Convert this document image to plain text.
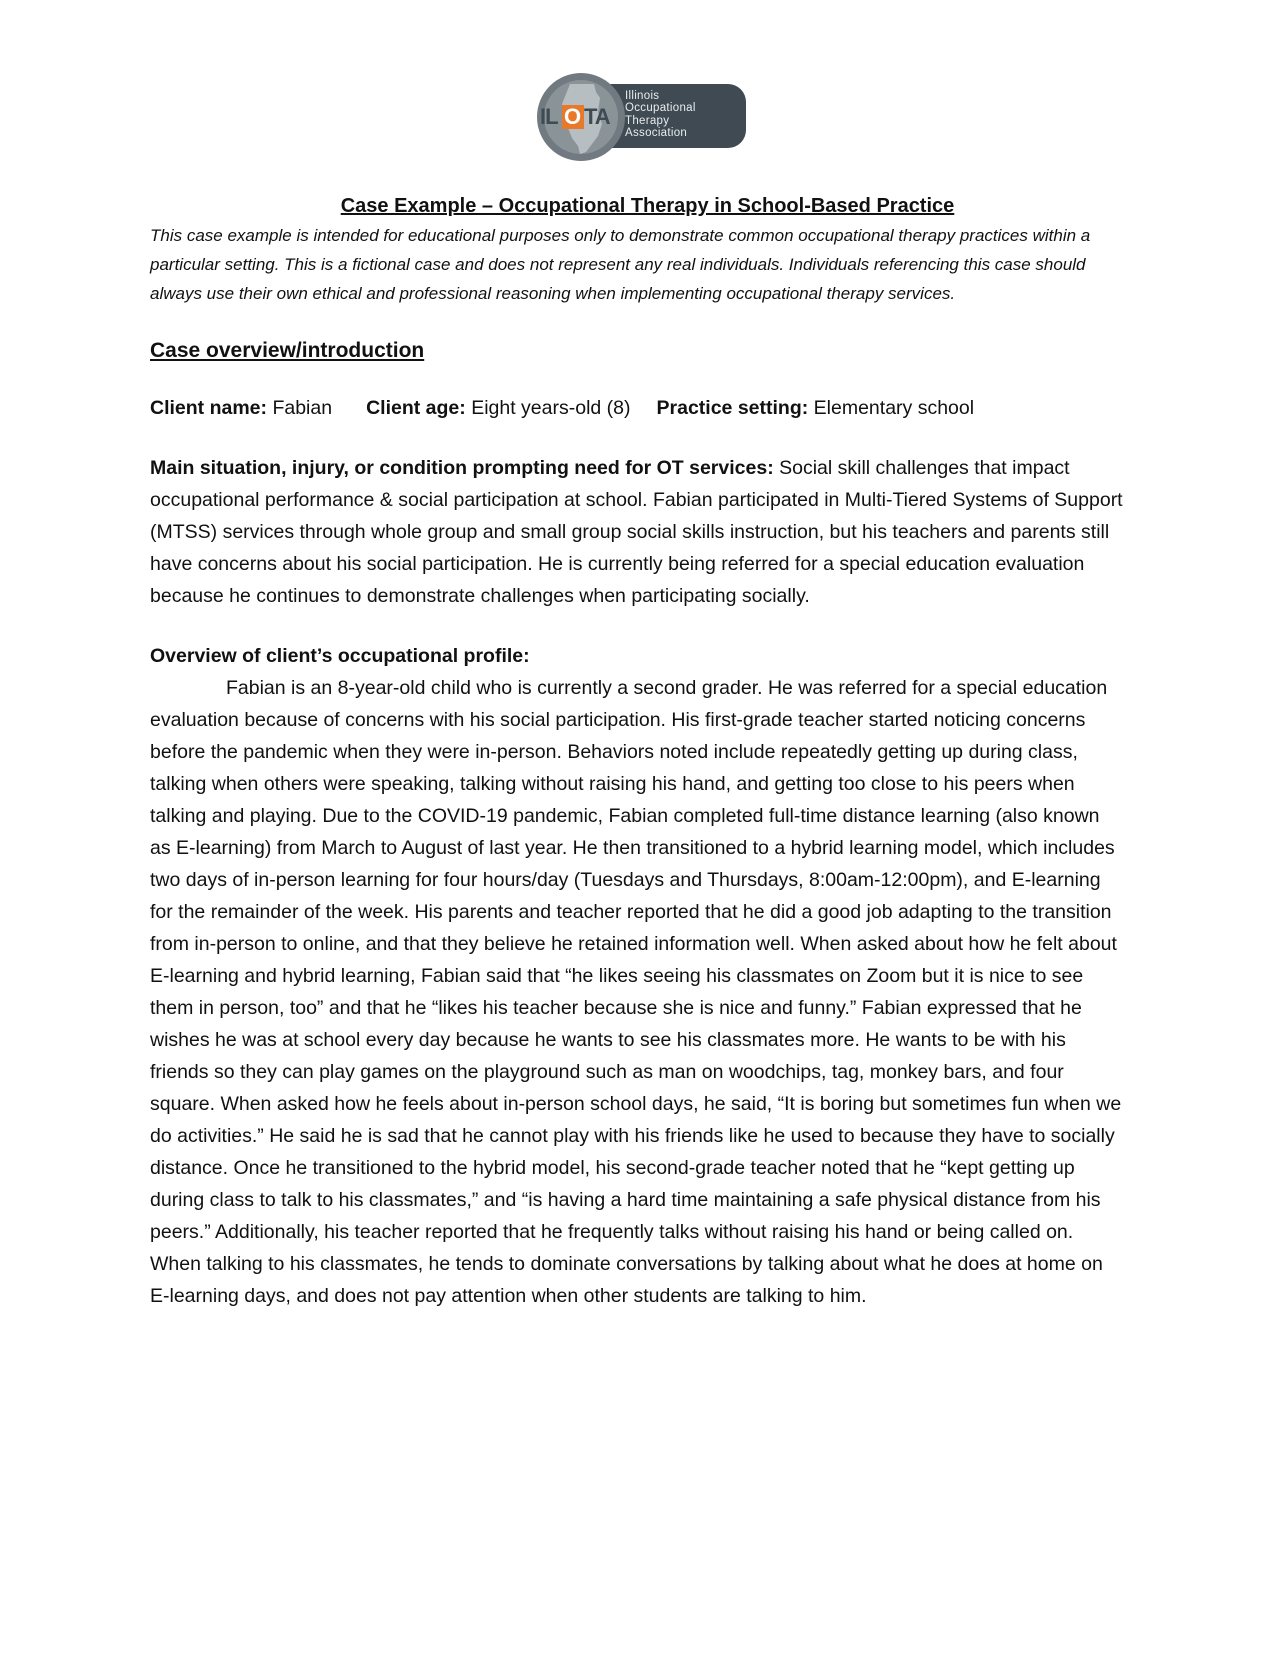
IL O TA
Illinois
Occupational
Therapy
Association
Case Example – Occupational Therapy in School-Based Practice

This case example is intended for educational purposes only to demonstrate common occupational therapy practices within a particular setting. This is a fictional case and does not represent any real individuals. Individuals referencing this case should always use their own ethical and professional reasoning when implementing occupational therapy services.

Case overview/introduction

Client name: Fabian Client age: Eight years-old (8) Practice setting: Elementary school

Main situation, injury, or condition prompting need for OT services: Social skill challenges that impact occupational performance & social participation at school. Fabian participated in Multi-Tiered Systems of Support (MTSS) services through whole group and small group social skills instruction, but his teachers and parents still have concerns about his social participation. He is currently being referred for a special education evaluation because he continues to demonstrate challenges when participating socially.

Overview of client’s occupational profile:

Fabian is an 8-year-old child who is currently a second grader. He was referred for a special education evaluation because of concerns with his social participation. His first-grade teacher started noticing concerns before the pandemic when they were in-person. Behaviors noted include repeatedly getting up during class, talking when others were speaking, talking without raising his hand, and getting too close to his peers when talking and playing. Due to the COVID-19 pandemic, Fabian completed full-time distance learning (also known as E-learning) from March to August of last year. He then transitioned to a hybrid learning model, which includes two days of in-person learning for four hours/day (Tuesdays and Thursdays, 8:00am-12:00pm), and E-learning for the remainder of the week. His parents and teacher reported that he did a good job adapting to the transition from in-person to online, and that they believe he retained information well. When asked about how he felt about E-learning and hybrid learning, Fabian said that “he likes seeing his classmates on Zoom but it is nice to see them in person, too” and that he “likes his teacher because she is nice and funny.” Fabian expressed that he wishes he was at school every day because he wants to see his classmates more. He wants to be with his friends so they can play games on the playground such as man on woodchips, tag, monkey bars, and four square. When asked how he feels about in-person school days, he said, “It is boring but sometimes fun when we do activities.” He said he is sad that he cannot play with his friends like he used to because they have to socially distance. Once he transitioned to the hybrid model, his second-grade teacher noted that he “kept getting up during class to talk to his classmates,” and “is having a hard time maintaining a safe physical distance from his peers.” Additionally, his teacher reported that he frequently talks without raising his hand or being called on. When talking to his classmates, he tends to dominate conversations by talking about what he does at home on E-learning days, and does not pay attention when other students are talking to him.
